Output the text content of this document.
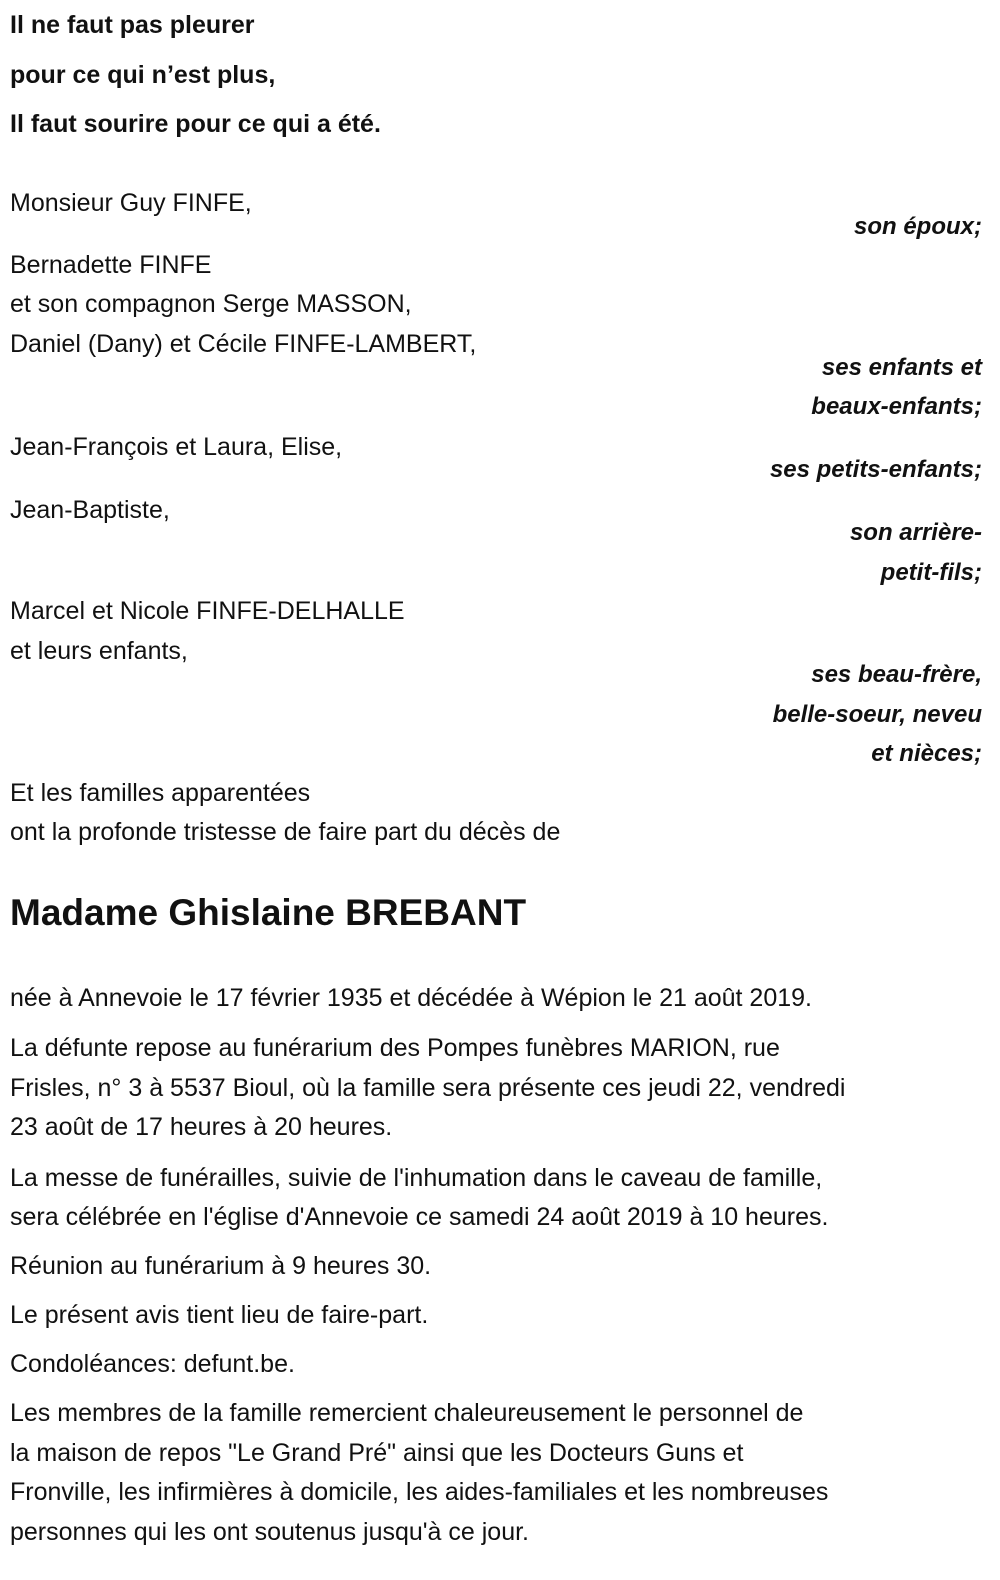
Il ne faut pas pleurer
pour ce qui n’est plus,
Il faut sourire pour ce qui a été.
Monsieur Guy FINFE,
son époux;
Bernadette FINFE
et son compagnon Serge MASSON,
Daniel (Dany) et Cécile FINFE-LAMBERT,
ses enfants et
beaux-enfants;
Jean-François et Laura, Elise,
ses petits-enfants;
Jean-Baptiste,
son arrière-
petit-fils;
Marcel et Nicole FINFE-DELHALLE
et leurs enfants,
ses beau-frère,
belle-soeur, neveu
et nièces;
Et les familles apparentées
ont la profonde tristesse de faire part du décès de
Madame Ghislaine BREBANT
née à Annevoie le 17 février 1935 et décédée à Wépion le 21 août 2019.
La défunte repose au funérarium des Pompes funèbres MARION, rue
Frisles, n° 3 à 5537 Bioul, où la famille sera présente ces jeudi 22, vendredi
23 août de 17 heures à 20 heures.
La messe de funérailles, suivie de l'inhumation dans le caveau de famille,
sera célébrée en l'église d'Annevoie ce samedi 24 août 2019 à 10 heures.
Réunion au funérarium à 9 heures 30.
Le présent avis tient lieu de faire-part.
Condoléances: defunt.be.
Les membres de la famille remercient chaleureusement le personnel de
la maison de repos "Le Grand Pré" ainsi que les Docteurs Guns et
Fronville, les infirmières à domicile, les aides-familiales et les nombreuses
personnes qui les ont soutenus jusqu'à ce jour.
